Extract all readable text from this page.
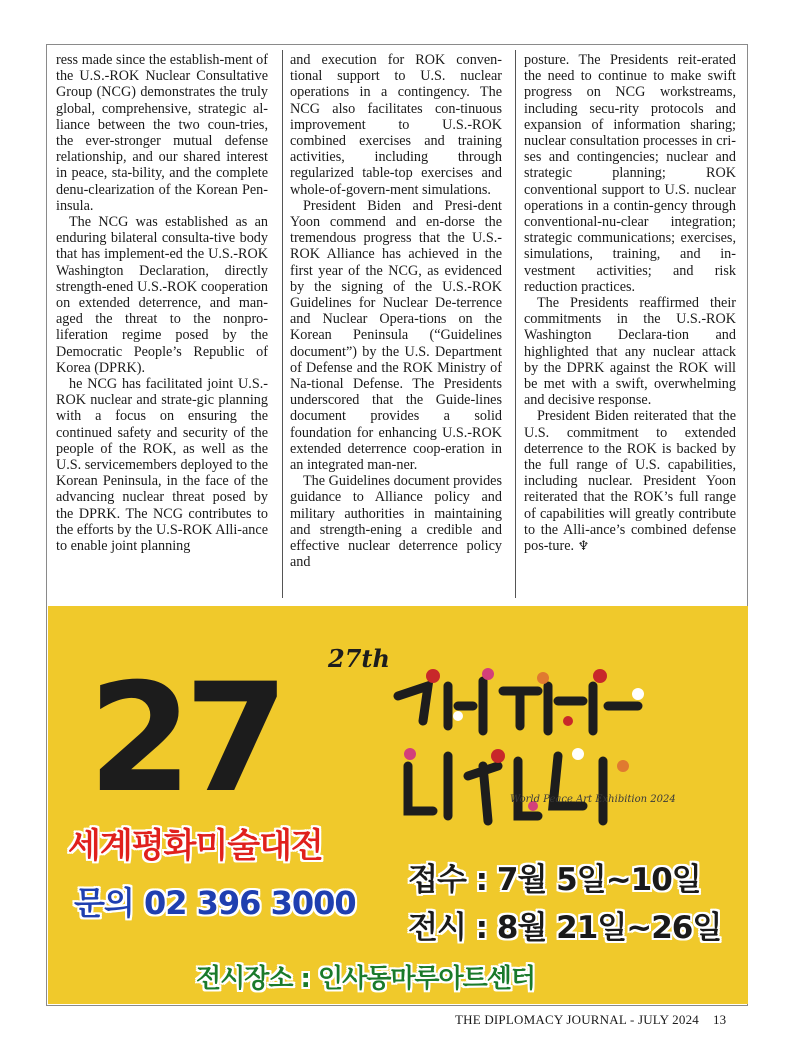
ress made since the establish-ment of the U.S.-ROK Nuclear Consultative Group (NCG) demonstrates the truly global, comprehensive, strategic al-liance between the two coun-tries, the ever-stronger mutual defense relationship, and our shared interest in peace, sta-bility, and the complete denu-clearization of the Korean Pen-insula.

The NCG was established as an enduring bilateral consulta-tive body that has implement-ed the U.S.-ROK Washington Declaration, directly strength-ened U.S.-ROK cooperation on extended deterrence, and man-aged the threat to the nonpro-liferation regime posed by the Democratic People’s Republic of Korea (DPRK).

he NCG has facilitated joint U.S.-ROK nuclear and strate-gic planning with a focus on ensuring the continued safety and security of the people of the ROK, as well as the U.S. servicemembers deployed to the Korean Peninsula, in the face of the advancing nuclear threat posed by the DPRK. The NCG contributes to the efforts by the U.S-ROK Alli-ance to enable joint planning

and execution for ROK conven-tional support to U.S. nuclear operations in a contingency. The NCG also facilitates con-tinuous improvement to U.S.-ROK combined exercises and training activities, including through regularized table-top exercises and whole-of-govern-ment simulations.

President Biden and Presi-dent Yoon commend and en-dorse the tremendous progress that the U.S.-ROK Alliance has achieved in the first year of the NCG, as evidenced by the signing of the U.S.-ROK Guidelines for Nuclear De-terrence and Nuclear Opera-tions on the Korean Peninsula (“Guidelines document”) by the U.S. Department of Defense and the ROK Ministry of Na-tional Defense. The Presidents underscored that the Guide-lines document provides a solid foundation for enhancing U.S.-ROK extended deterrence coop-eration in an integrated man-ner.

The Guidelines document provides guidance to Alliance policy and military authorities in maintaining and strength-ening a credible and effective nuclear deterrence policy and

posture. The Presidents reit-erated the need to continue to make swift progress on NCG workstreams, including secu-rity protocols and expansion of information sharing; nuclear consultation processes in cri-ses and contingencies; nuclear and strategic planning; ROK conventional support to U.S. nuclear operations in a contin-gency through conventional-nu-clear integration; strategic communications; exercises, simulations, training, and in-vestment activities; and risk reduction practices.

The Presidents reaffirmed their commitments in the U.S.-ROK Washington Declara-tion and highlighted that any nuclear attack by the DPRK against the ROK will be met with a swift, overwhelming and decisive response.

President Biden reiterated that the U.S. commitment to extended deterrence to the ROK is backed by the full range of U.S. capabilities, including nuclear. President Yoon reiterated that the ROK’s full range of capabilities will greatly contribute to the Alli-ance’s combined defense pos-ture. ♆

27th
27	World Peace Art Exhibition 2024
세계평화미술대전
문의 02 396 3000
접수 : 7월 5일~10일
전시 : 8월 21일~26일
전시장소 : 인사동마루아트센터
THE DIPLOMACY JOURNAL - JULY 2024 13
